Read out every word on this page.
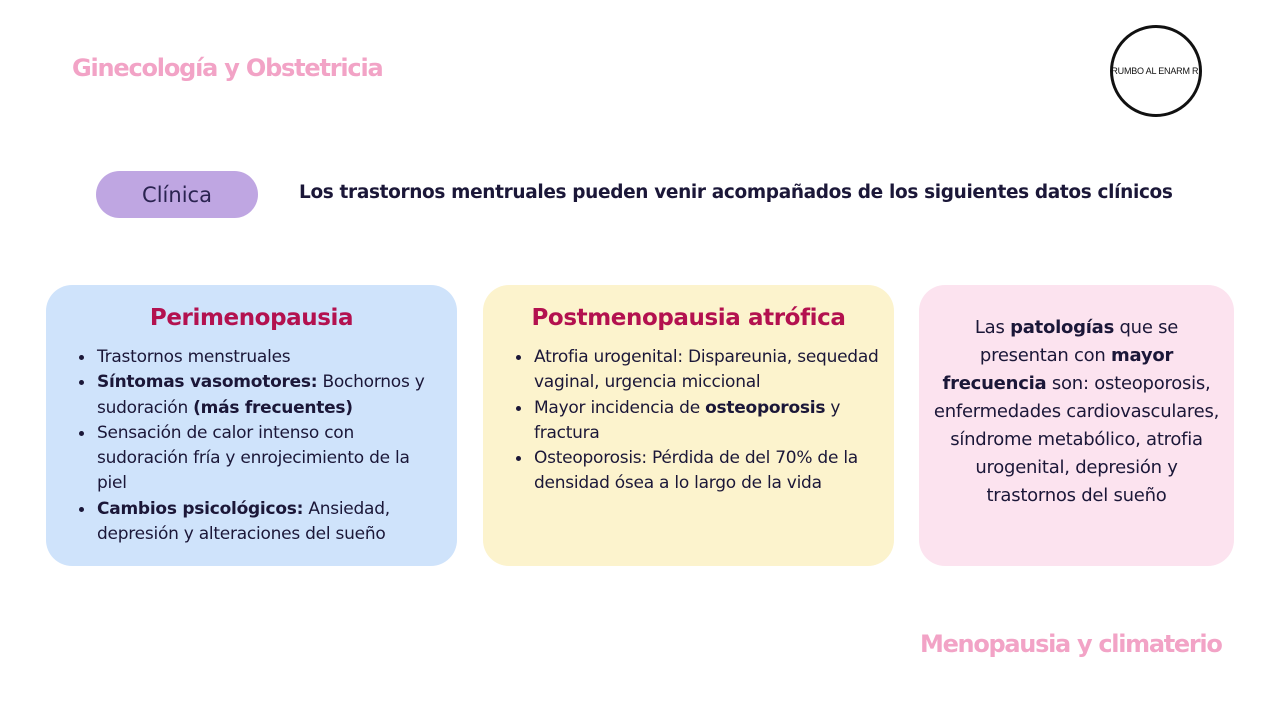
Ginecología y Obstetricia	RUMBO AL ENARM RI
Clínica	Los trastornos mentruales pueden venir acompañados de los siguientes datos clínicos
Perimenopausia
Trastornos menstruales
Síntomas vasomotores: Bochornos y sudoración (más frecuentes)
Sensación de calor intenso con sudoración fría y enrojecimiento de la piel
Cambios psicológicos: Ansiedad, depresión y alteraciones del sueño
Postmenopausia atrófica
Atrofia urogenital: Dispareunia, sequedad vaginal, urgencia miccional
Mayor incidencia de osteoporosis y fractura
Osteoporosis: Pérdida de del 70% de la densidad ósea a lo largo de la vida
Las patologías que se presentan con mayor frecuencia son: osteoporosis, enfermedades cardiovasculares, síndrome metabólico, atrofia urogenital, depresión y trastornos del sueño
Menopausia y climaterio
